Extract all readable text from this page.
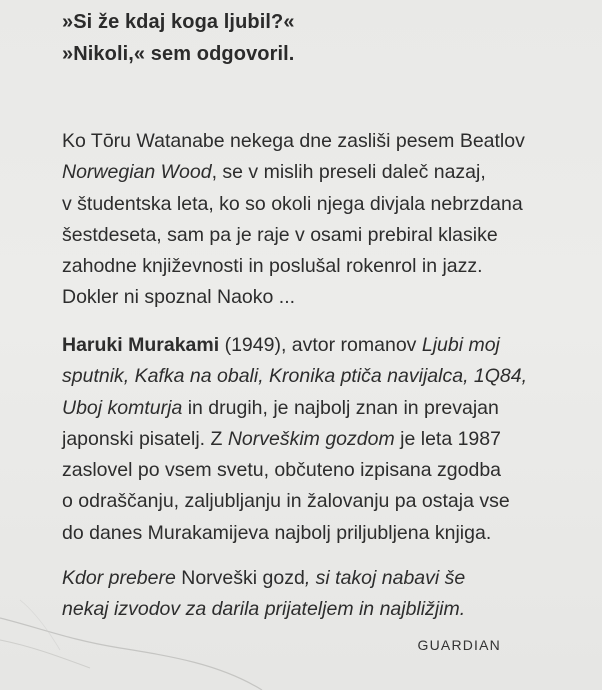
»Si že kdaj koga ljubil?«
»Nikoli,« sem odgovoril.
Ko Tōru Watanabe nekega dne zasliši pesem Beatlov
Norwegian Wood, se v mislih preseli daleč nazaj,
v študentska leta, ko so okoli njega divjala nebrzdana
šestdeseta, sam pa je raje v osami prebiral klasike
zahodne književnosti in poslušal rokenrol in jazz.
Dokler ni spoznal Naoko ...
Haruki Murakami (1949), avtor romanov Ljubi moj
sputnik, Kafka na obali, Kronika ptiča navijalca, 1Q84,
Uboj komturja in drugih, je najbolj znan in prevajan
japonski pisatelj. Z Norveškim gozdom je leta 1987
zaslovel po vsem svetu, občuteno izpisana zgodba
o odraščanju, zaljubljanju in žalovanju pa ostaja vse
do danes Murakamijeva najbolj priljubljena knjiga.
Kdor prebere Norveški gozd, si takoj nabavi še
nekaj izvodov za darila prijateljem in najbližjim.
GUARDIAN
